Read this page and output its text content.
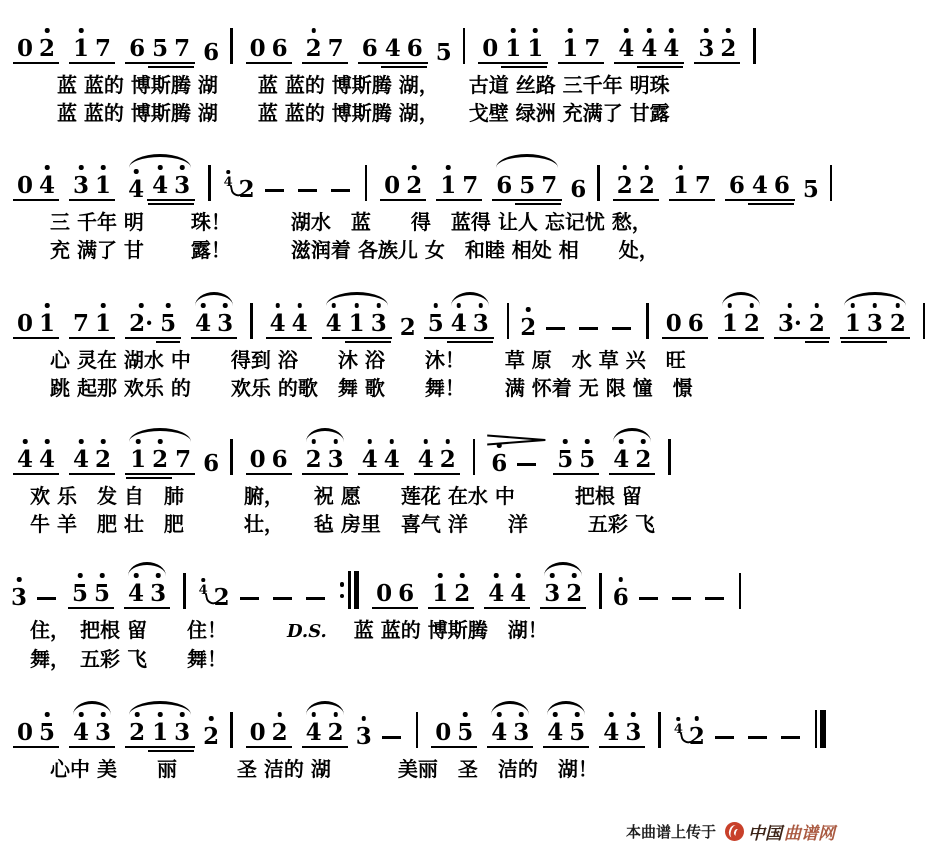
0 2 1 7 6 5 7 6 0 6 2 7 6 4 6 5 0 1 1 1 7 4 4 4 3 2
　 蓝 蓝的 博斯腾 湖　　蓝 蓝的 博斯腾 湖，　　古道 丝路 三千年 明珠
　 蓝 蓝的 博斯腾 湖　　蓝 蓝的 博斯腾 湖，　　戈壁 绿洲 充满了 甘露
0 4 3 1 4 4 3	4 2	0 2 1 7 6 5 7 6 2 2 1 7 6 4 6 5
　三 千年 明　　 珠！　　　湖水　蓝　　得　蓝得 让人 忘记忧 愁，
　充 满了 甘　　 露！　　　滋润着 各族儿 女　和睦 相处 相　　处，
0 1 7 1 2· 5 4 3 4 4 4 1 3 2 5 4 3 2	0 6 1 2 3· 2 1 3 2
　心 灵在 湖水 中　　得到 浴　　沐 浴　　沐！　　草 原　水 草 兴　旺
　跳 起那 欢乐 的　　欢乐 的歌　舞 歌　　舞！　　满 怀着 无 限 憧　憬
4 4 4 2 1 2 7 6 0 6 2 3 4 4 4 2 6 5 5 4 2
欢 乐　发 自　肺　　　腑，　　祝 愿　　莲花 在水 中　　　把根 留
牛 羊　肥 壮　肥　　　壮，　　毡 房里　喜气 洋　　洋　　　五彩 飞
3 5 5 4 3	4 2	0 6 1 2 4 4 3 2 6
住，　把根 留　　住！　　　D.S.　 蓝 蓝的 博斯腾　湖！
舞，　五彩 飞　　舞！
0 5 4 3 2 1 3 2 0 2 4 2 3	0 5 4 3 4 5 4 3	4 2
　心中 美　　丽　　　圣 洁的 湖　　　 美丽　圣　洁的　湖！
本曲谱上传于 中国 曲谱网
